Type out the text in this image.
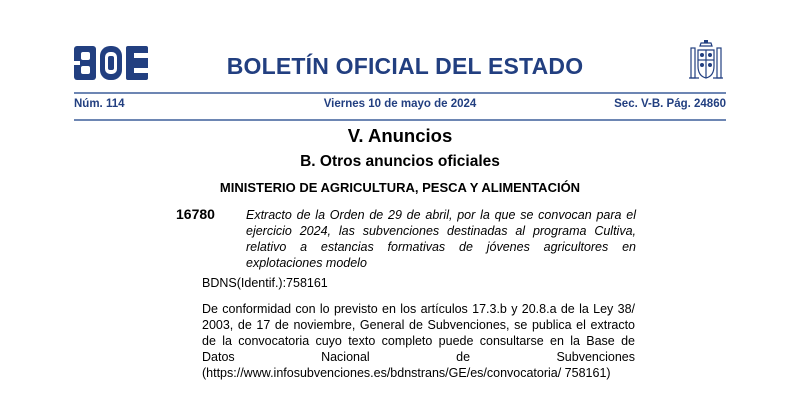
BOLETÍN OFICIAL DEL ESTADO
Núm. 114	Viernes 10 de mayo de 2024	Sec. V-B. Pág. 24860
V. Anuncios
B. Otros anuncios oficiales
MINISTERIO DE AGRICULTURA, PESCA Y ALIMENTACIÓN
16780 Extracto de la Orden de 29 de abril, por la que se convocan para el ejercicio 2024, las subvenciones destinadas al programa Cultiva, relativo a estancias formativas de jóvenes agricultores en explotaciones modelo
BDNS(Identif.):758161
De conformidad con lo previsto en los artículos 17.3.b y 20.8.a de la Ley 38/ 2003, de 17 de noviembre, General de Subvenciones, se publica el extracto de la convocatoria cuyo texto completo puede consultarse en la Base de Datos Nacional de Subvenciones (https://www.infosubvenciones.es/bdnstrans/GE/es/convocatoria/ 758161)
